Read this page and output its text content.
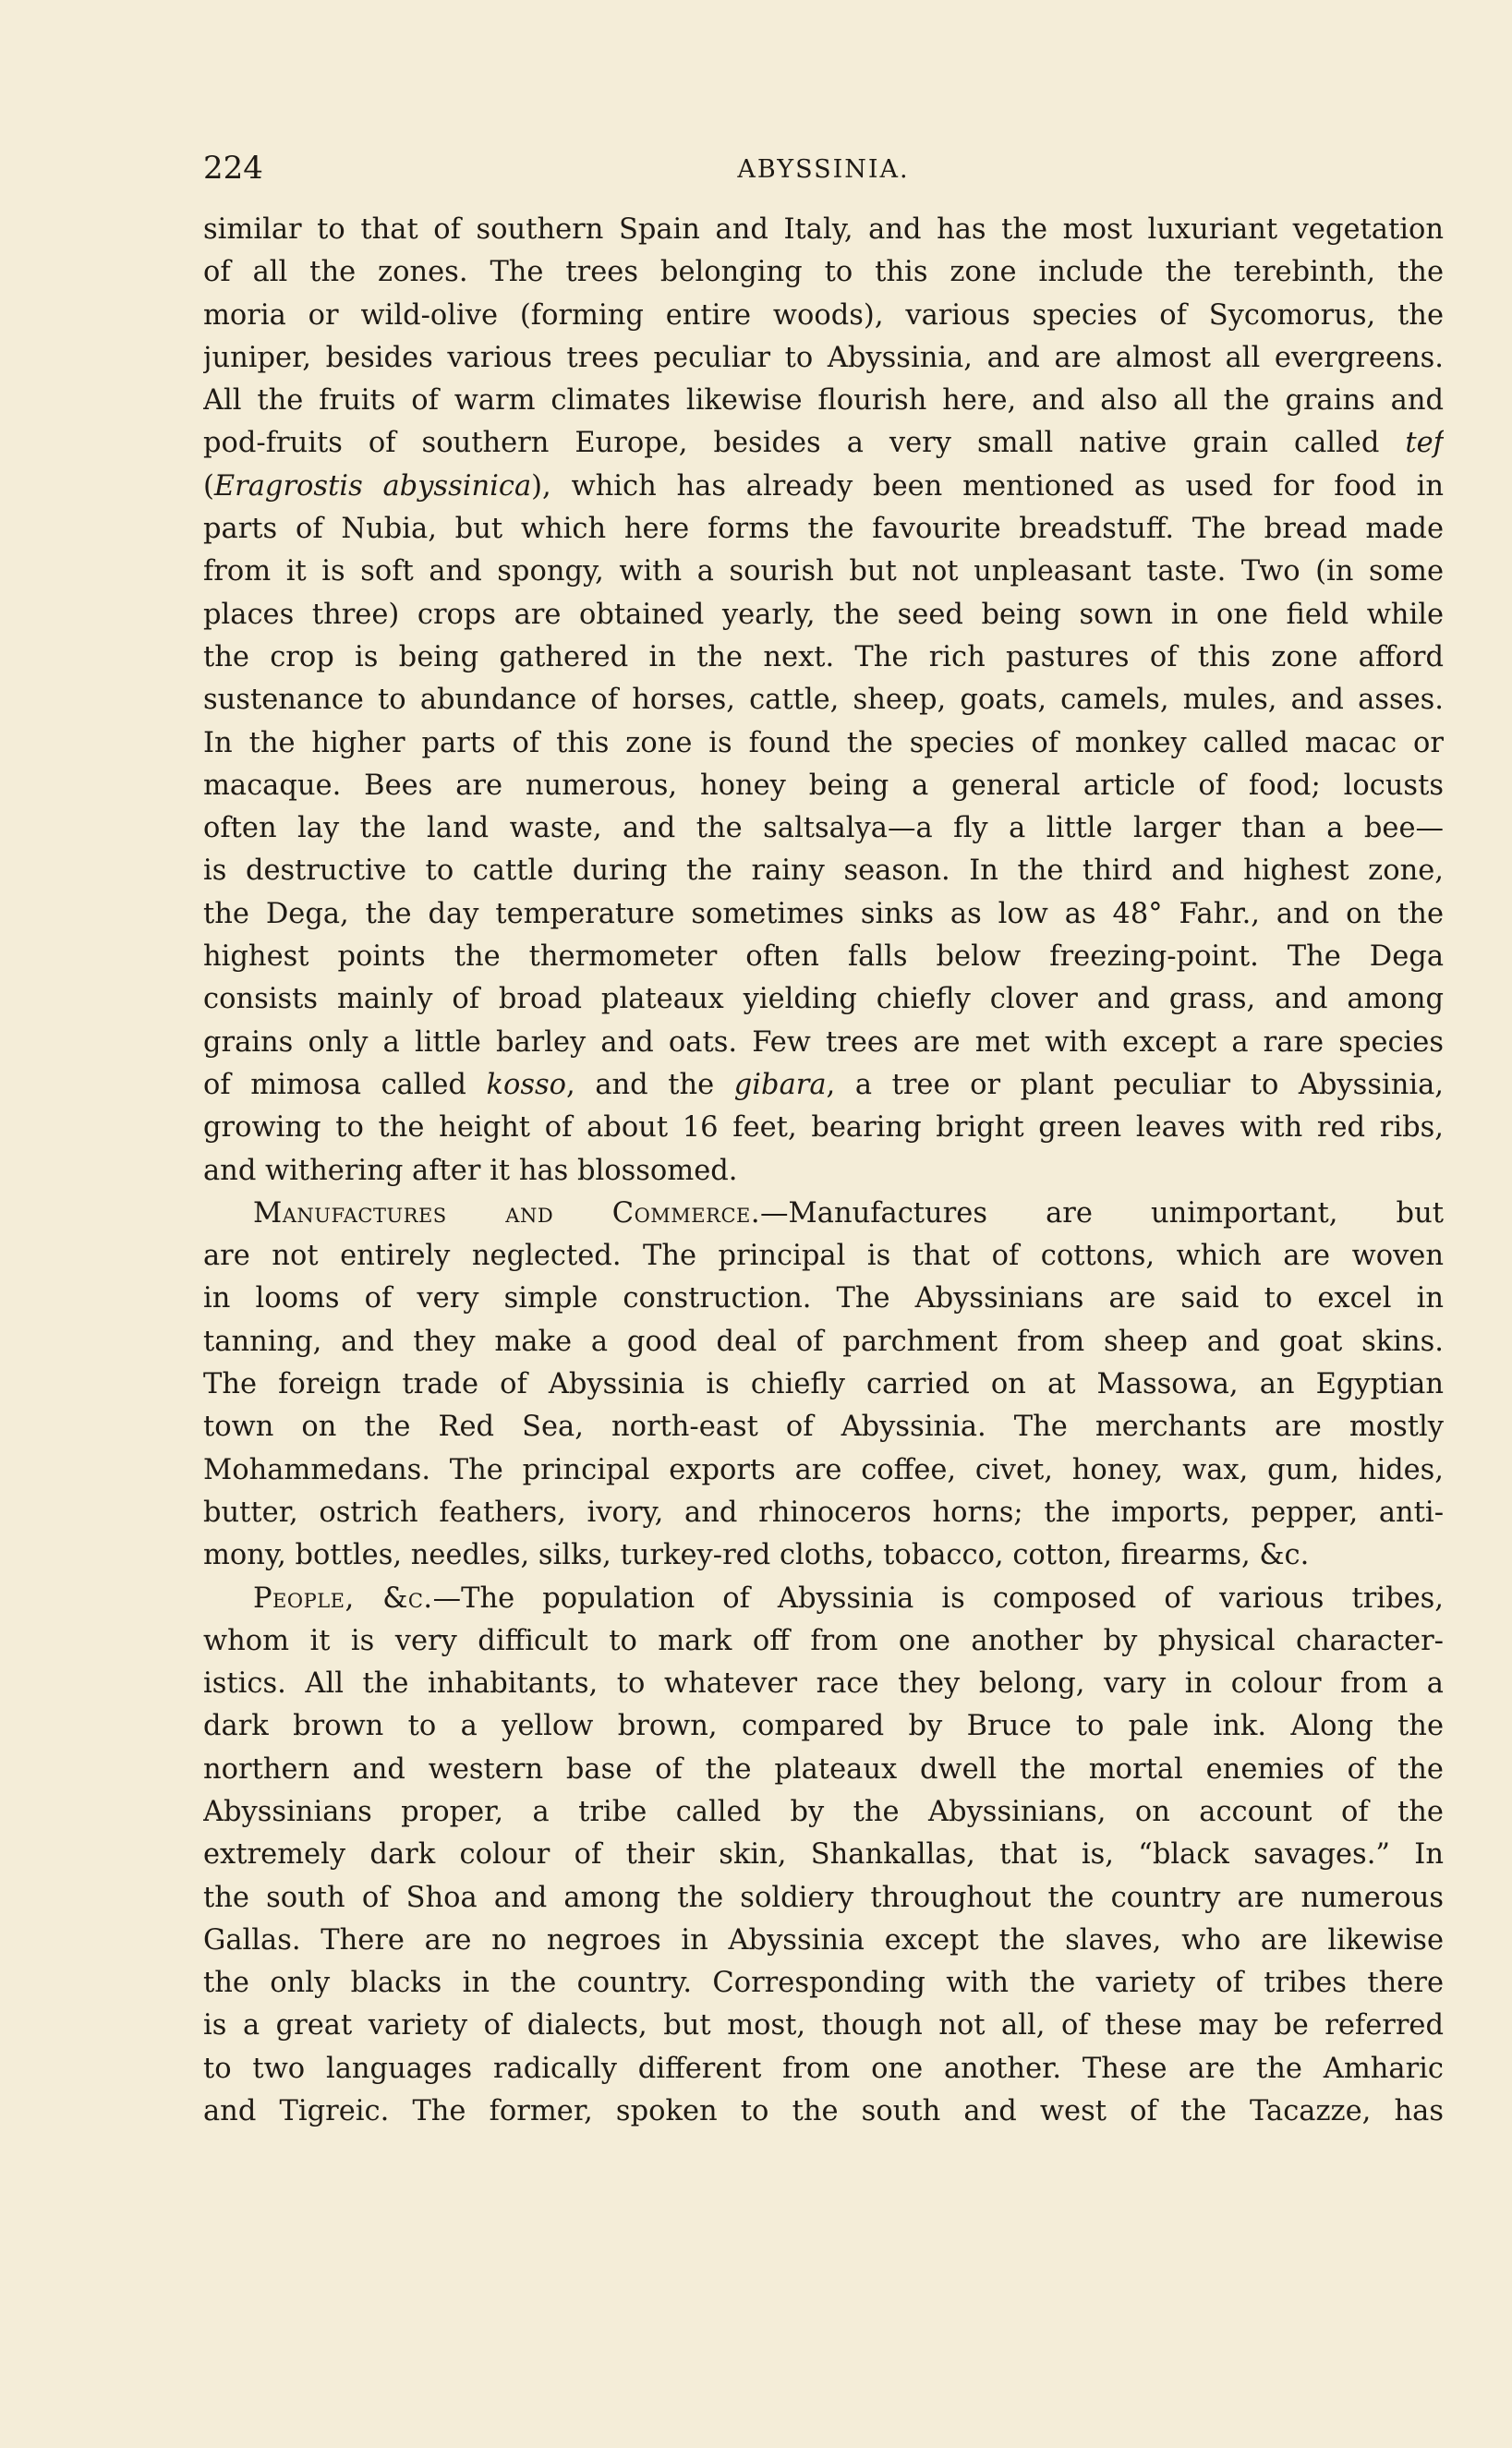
224	ABYSSINIA.
similar to that of southern Spain and Italy, and has the most luxuriant vegetation
of all the zones. The trees belonging to this zone include the terebinth, the
moria or wild-olive (forming entire woods), various species of Sycomorus, the
juniper, besides various trees peculiar to Abyssinia, and are almost all evergreens.
All the fruits of warm climates likewise flourish here, and also all the grains and
pod-fruits of southern Europe, besides a very small native grain called tef
(Eragrostis abyssinica), which has already been mentioned as used for food in
parts of Nubia, but which here forms the favourite breadstuff. The bread made
from it is soft and spongy, with a sourish but not unpleasant taste. Two (in some
places three) crops are obtained yearly, the seed being sown in one field while
the crop is being gathered in the next. The rich pastures of this zone afford
sustenance to abundance of horses, cattle, sheep, goats, camels, mules, and asses.
In the higher parts of this zone is found the species of monkey called macac or
macaque. Bees are numerous, honey being a general article of food; locusts
often lay the land waste, and the saltsalya—a fly a little larger than a bee—
is destructive to cattle during the rainy season. In the third and highest zone,
the Dega, the day temperature sometimes sinks as low as 48° Fahr., and on the
highest points the thermometer often falls below freezing-point. The Dega
consists mainly of broad plateaux yielding chiefly clover and grass, and among
grains only a little barley and oats. Few trees are met with except a rare species
of mimosa called kosso, and the gibara, a tree or plant peculiar to Abyssinia,
growing to the height of about 16 feet, bearing bright green leaves with red ribs,
and withering after it has blossomed.
Manufactures and Commerce.—Manufactures are unimportant, but
are not entirely neglected. The principal is that of cottons, which are woven
in looms of very simple construction. The Abyssinians are said to excel in
tanning, and they make a good deal of parchment from sheep and goat skins.
The foreign trade of Abyssinia is chiefly carried on at Massowa, an Egyptian
town on the Red Sea, north-east of Abyssinia. The merchants are mostly
Mohammedans. The principal exports are coffee, civet, honey, wax, gum, hides,
butter, ostrich feathers, ivory, and rhinoceros horns; the imports, pepper, anti-
mony, bottles, needles, silks, turkey-red cloths, tobacco, cotton, firearms, &c.
People, &c.—The population of Abyssinia is composed of various tribes,
whom it is very difficult to mark off from one another by physical character-
istics. All the inhabitants, to whatever race they belong, vary in colour from a
dark brown to a yellow brown, compared by Bruce to pale ink. Along the
northern and western base of the plateaux dwell the mortal enemies of the
Abyssinians proper, a tribe called by the Abyssinians, on account of the
extremely dark colour of their skin, Shankallas, that is, “black savages.” In
the south of Shoa and among the soldiery throughout the country are numerous
Gallas. There are no negroes in Abyssinia except the slaves, who are likewise
the only blacks in the country. Corresponding with the variety of tribes there
is a great variety of dialects, but most, though not all, of these may be referred
to two languages radically different from one another. These are the Amharic
and Tigreic. The former, spoken to the south and west of the Tacazze, has
